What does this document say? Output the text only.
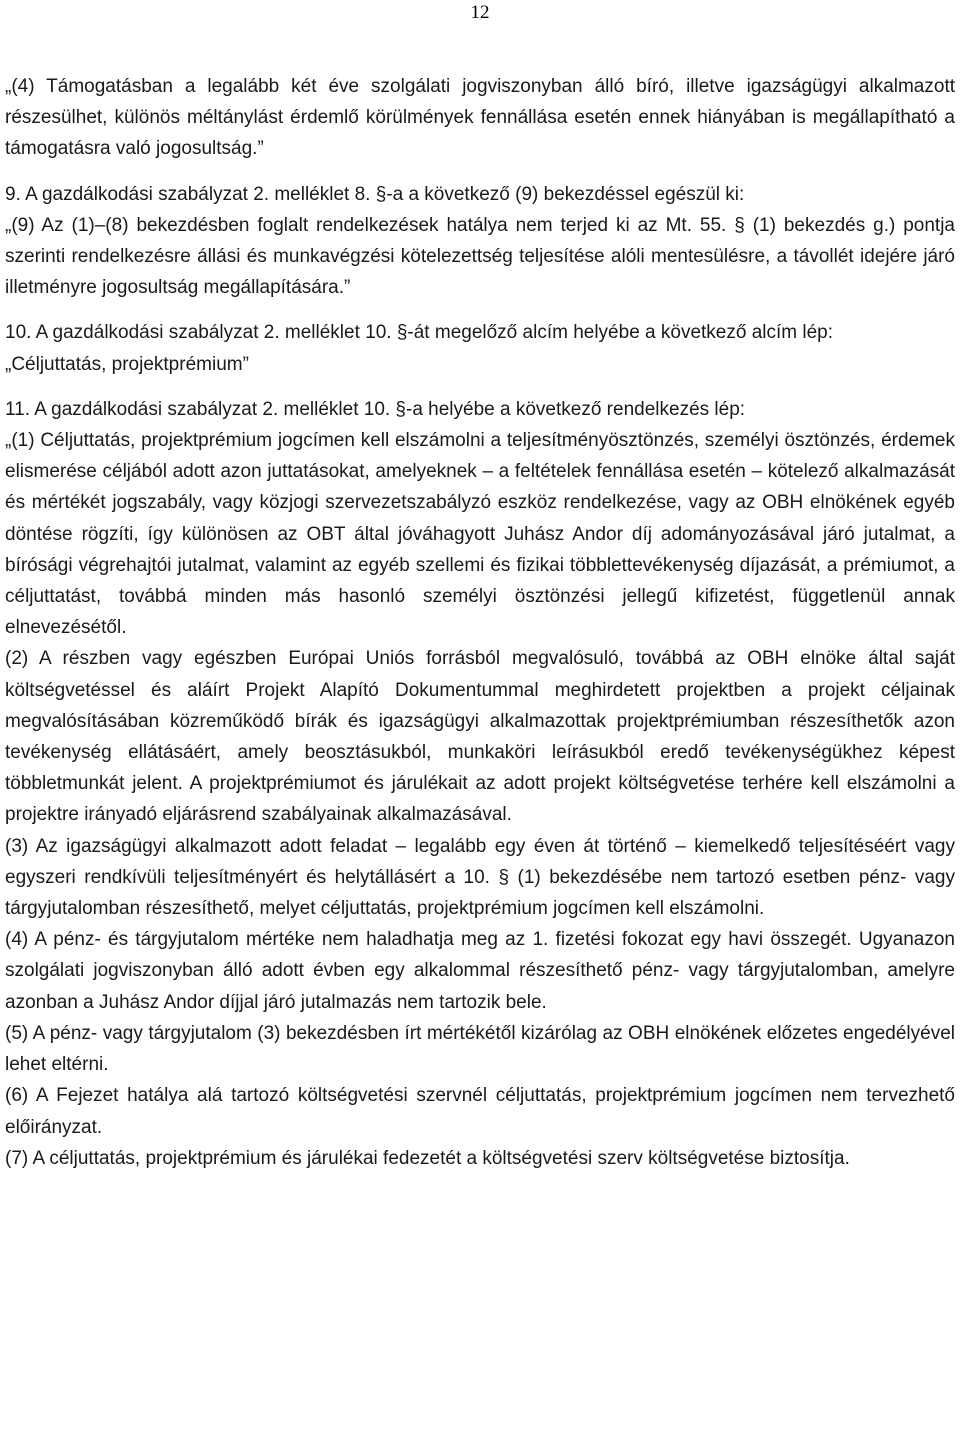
12

„(4) Támogatásban a legalább két éve szolgálati jogviszonyban álló bíró, illetve igazságügyi alkalmazott részesülhet, különös méltánylást érdemlő körülmények fennállása esetén ennek hiányában is megállapítható a támogatásra való jogosultság.”

9. A gazdálkodási szabályzat 2. melléklet 8. §-a a következő (9) bekezdéssel egészül ki:

„(9) Az (1)–(8) bekezdésben foglalt rendelkezések hatálya nem terjed ki az Mt. 55. § (1) bekezdés g.) pontja szerinti rendelkezésre állási és munkavégzési kötelezettség teljesítése alóli mentesülésre, a távollét idejére járó illetményre jogosultság megállapítására.”

10. A gazdálkodási szabályzat 2. melléklet 10. §-át megelőző alcím helyébe a következő alcím lép:

„Céljuttatás, projektprémium”

11. A gazdálkodási szabályzat 2. melléklet 10. §-a helyébe a következő rendelkezés lép:

„(1) Céljuttatás, projektprémium jogcímen kell elszámolni a teljesítményösztönzés, személyi ösztönzés, érdemek elismerése céljából adott azon juttatásokat, amelyeknek – a feltételek fennállása esetén – kötelező alkalmazását és mértékét jogszabály, vagy közjogi szervezetszabályzó eszköz rendelkezése, vagy az OBH elnökének egyéb döntése rögzíti, így különösen az OBT által jóváhagyott Juhász Andor díj adományozásával járó jutalmat, a bírósági végrehajtói jutalmat, valamint az egyéb szellemi és fizikai többlettevékenység díjazását, a prémiumot, a céljuttatást, továbbá minden más hasonló személyi ösztönzési jellegű kifizetést, függetlenül annak elnevezésétől.

(2) A részben vagy egészben Európai Uniós forrásból megvalósuló, továbbá az OBH elnöke által saját költségvetéssel és aláírt Projekt Alapító Dokumentummal meghirdetett projektben a projekt céljainak megvalósításában közreműködő bírák és igazságügyi alkalmazottak projektprémiumban részesíthetők azon tevékenység ellátásáért, amely beosztásukból, munkaköri leírásukból eredő tevékenységükhez képest többletmunkát jelent. A projektprémiumot és járulékait az adott projekt költségvetése terhére kell elszámolni a projektre irányadó eljárásrend szabályainak alkalmazásával.

(3) Az igazságügyi alkalmazott adott feladat – legalább egy éven át történő – kiemelkedő teljesítéséért vagy egyszeri rendkívüli teljesítményért és helytállásért a 10. § (1) bekezdésébe nem tartozó esetben pénz- vagy tárgyjutalomban részesíthető, melyet céljuttatás, projektprémium jogcímen kell elszámolni.

(4) A pénz- és tárgyjutalom mértéke nem haladhatja meg az 1. fizetési fokozat egy havi összegét. Ugyanazon szolgálati jogviszonyban álló adott évben egy alkalommal részesíthető pénz- vagy tárgyjutalomban, amelyre azonban a Juhász Andor díjjal járó jutalmazás nem tartozik bele.

(5) A pénz- vagy tárgyjutalom (3) bekezdésben írt mértékétől kizárólag az OBH elnökének előzetes engedélyével lehet eltérni.

(6) A Fejezet hatálya alá tartozó költségvetési szervnél céljuttatás, projektprémium jogcímen nem tervezhető előirányzat.

(7) A céljuttatás, projektprémium és járulékai fedezetét a költségvetési szerv költségvetése biztosítja.
